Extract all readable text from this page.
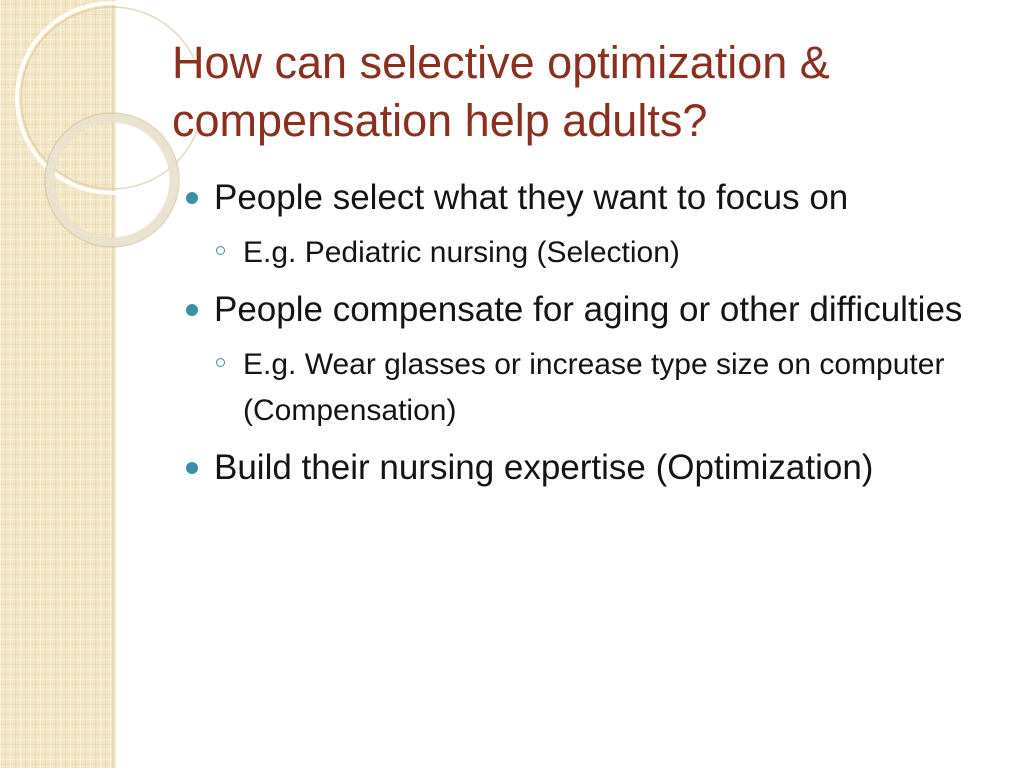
How can selective optimization & compensation help adults?
People select what they want to focus on
E.g. Pediatric nursing (Selection)
People compensate for aging or other difficulties
E.g. Wear glasses or increase type size on computer (Compensation)
Build their nursing expertise (Optimization)
